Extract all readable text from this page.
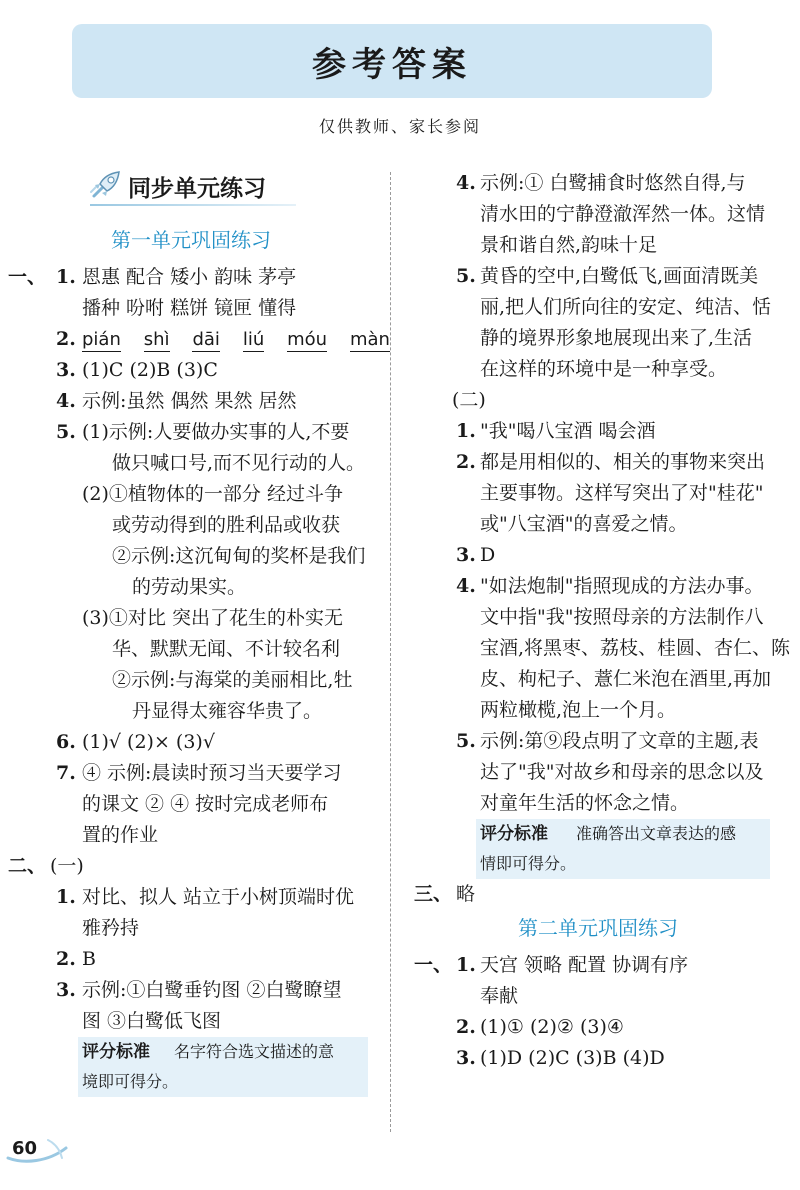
参考答案
仅供教师、家长参阅
同步单元练习
第一单元巩固练习
一、 1. 恩惠 配合 矮小 韵味 茅亭
播种 吩咐 糕饼 镜匣 懂得
2. pián shì dāi liú móu màn
3. (1)C (2)B (3)C
4. 示例:虽然 偶然 果然 居然
5. (1)示例:人要做办实事的人,不要
做只喊口号,而不见行动的人。
(2)①植物体的一部分 经过斗争
或劳动得到的胜利品或收获
②示例:这沉甸甸的奖杯是我们
的劳动果实。
(3)①对比 突出了花生的朴实无
华、默默无闻、不计较名利
②示例:与海棠的美丽相比,牡
丹显得太雍容华贵了。
6. (1)√ (2)× (3)√
7. ④ 示例:晨读时预习当天要学习
的课文 ② ④ 按时完成老师布
置的作业
二、 (一)
1. 对比、拟人 站立于小树顶端时优
雅矜持
2. B
3. 示例:①白鹭垂钓图 ②白鹭瞭望
图 ③白鹭低飞图
评分标准 名字符合选文描述的意
境即可得分。
4. 示例:① 白鹭捕食时悠然自得,与
清水田的宁静澄澈浑然一体。这情
景和谐自然,韵味十足
5. 黄昏的空中,白鹭低飞,画面清既美
丽,把人们所向往的安定、纯洁、恬
静的境界形象地展现出来了,生活
在这样的环境中是一种享受。
(二)
1. "我"喝八宝酒 喝会酒
2. 都是用相似的、相关的事物来突出
主要事物。这样写突出了对"桂花"
或"八宝酒"的喜爱之情。
3. D
4. "如法炮制"指照现成的方法办事。
文中指"我"按照母亲的方法制作八
宝酒,将黑枣、荔枝、桂圆、杏仁、陈
皮、枸杞子、薏仁米泡在酒里,再加
两粒橄榄,泡上一个月。
5. 示例:第⑨段点明了文章的主题,表
达了"我"对故乡和母亲的思念以及
对童年生活的怀念之情。
评分标准 准确答出文章表达的感
情即可得分。
三、 略
第二单元巩固练习
一、 1. 天宫 领略 配置 协调有序
奉献
2. (1)① (2)② (3)④
3. (1)D (2)C (3)B (4)D
60
